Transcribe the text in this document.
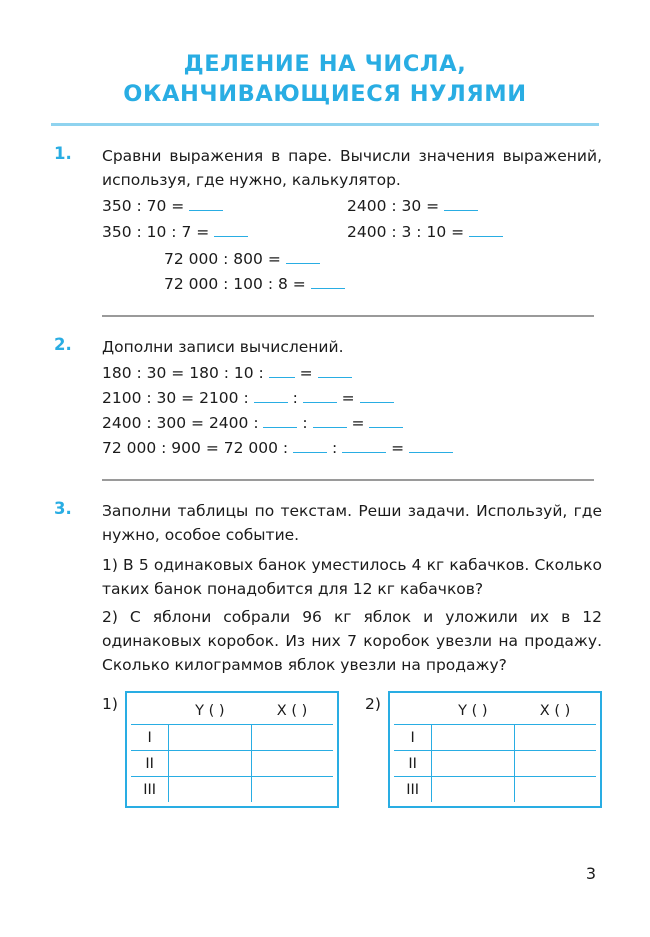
ДЕЛЕНИЕ НА ЧИСЛА,
ОКАНЧИВАЮЩИЕСЯ НУЛЯМИ
1. Сравни выражения в паре. Вычисли значения выражений, используя, где нужно, калькулятор.
350 : 70 =	2400 : 30 =
350 : 10 : 7 =	2400 : 3 : 10 =
72 000 : 800 =
72 000 : 100 : 8 =
2. Дополни записи вычислений.
180 : 30 = 180 : 10 : =
2100 : 30 = 2100 :	:	=
2400 : 300 = 2400 :	:	=
72 000 : 900 = 72 000 :	:	=
3. Заполни таблицы по текстам. Реши задачи. Используй, где нужно, особое событие.
1) В 5 одинаковых банок уместилось 4 кг кабачков. Сколько таких банок понадобится для 12 кг кабачков?
2) С яблони собрали 96 кг яблок и уложили их в 12 одинаковых коробок. Из них 7 коробок увезли на продажу. Сколько килограммов яблок увезли на продажу?
1)
		Y ( )	X ( )
I		
II		
III		
2)
		Y ( )	X ( )
I		
II		
III		
3
